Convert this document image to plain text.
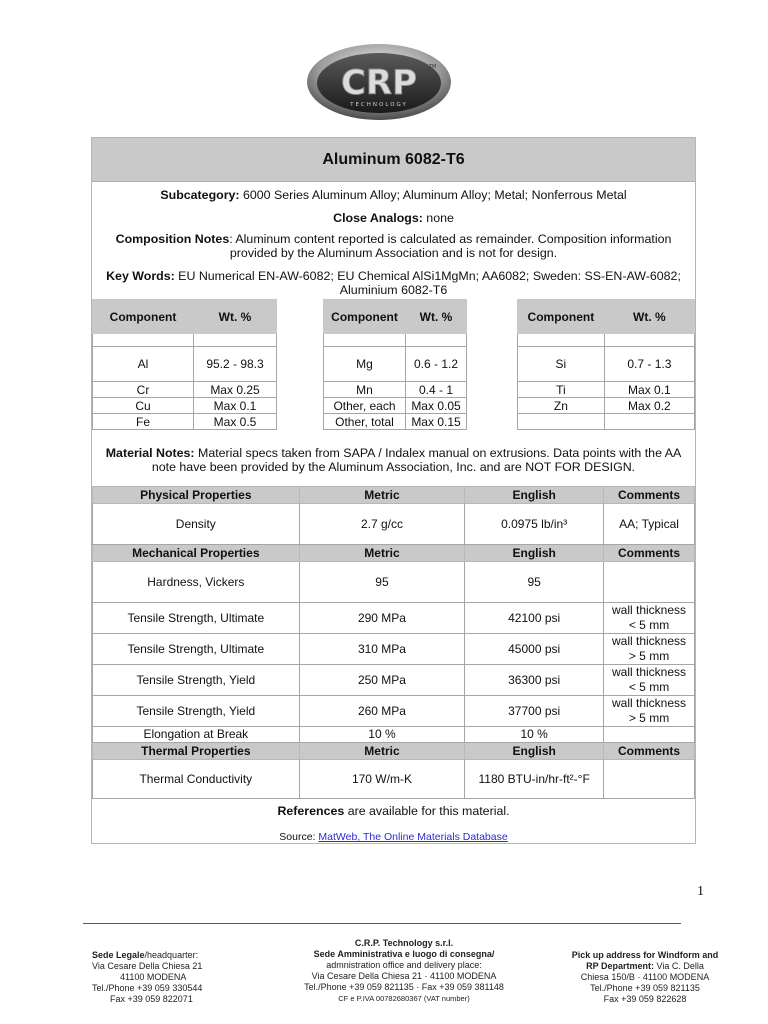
CRP
TECHNOLOGY
TM
Aluminum 6082-T6
Subcategory: 6000 Series Aluminum Alloy; Aluminum Alloy; Metal; Nonferrous Metal
Close Analogs: none
Composition Notes: Aluminum content reported is calculated as remainder. Composition information
provided by the Aluminum Association and is not for design.
Key Words: EU Numerical EN-AW-6082; EU Chemical AlSi1MgMn; AA6082; Sweden: SS-EN-AW-6082;
Aluminium 6082-T6
Component	Wt. %

Al	95.2 - 98.3
Cr	Max 0.25
Cu	Max 0.1
Fe	Max 0.5
Component	Wt. %

Mg	0.6 - 1.2
Mn	0.4 - 1
Other, each	Max 0.05
Other, total	Max 0.15
Component	Wt. %

Si	0.7 - 1.3
Ti	Max 0.1
Zn	Max 0.2

Material Notes: Material specs taken from SAPA / Indalex manual on extrusions. Data points with the AA
note have been provided by the Aluminum Association, Inc. and are NOT FOR DESIGN.
Physical Properties	Metric	English	Comments
Density	2.7 g/cc	0.0975 lb/in³	AA; Typical
Mechanical Properties	Metric	English	Comments
Hardness, Vickers	95	95	
Tensile Strength, Ultimate	290 MPa	42100 psi	wall thickness < 5 mm
Tensile Strength, Ultimate	310 MPa	45000 psi	wall thickness > 5 mm
Tensile Strength, Yield	250 MPa	36300 psi	wall thickness < 5 mm
Tensile Strength, Yield	260 MPa	37700 psi	wall thickness > 5 mm
Elongation at Break	10 %	10 %	
Thermal Properties	Metric	English	Comments
Thermal Conductivity	170 W/m-K	1180 BTU-in/hr-ft²-°F	
References are available for this material.
Source: MatWeb, The Online Materials Database
1
Sede Legale/headquarter:
Via Cesare Della Chiesa 21
41100 MODENA
Tel./Phone +39 059 330544
Fax +39 059 822071
C.R.P. Technology s.r.l.
Sede Amministrativa e luogo di consegna/
admnistration office and delivery place:
Via Cesare Della Chiesa 21 · 41100 MODENA
Tel./Phone +39 059 821135 · Fax +39 059 381148
CF e P.IVA 00782680367 (VAT number)
Pick up address for Windform and
RP Department: Via C. Della
Chiesa 150/B · 41100 MODENA
Tel./Phone +39 059 821135
Fax +39 059 822628
